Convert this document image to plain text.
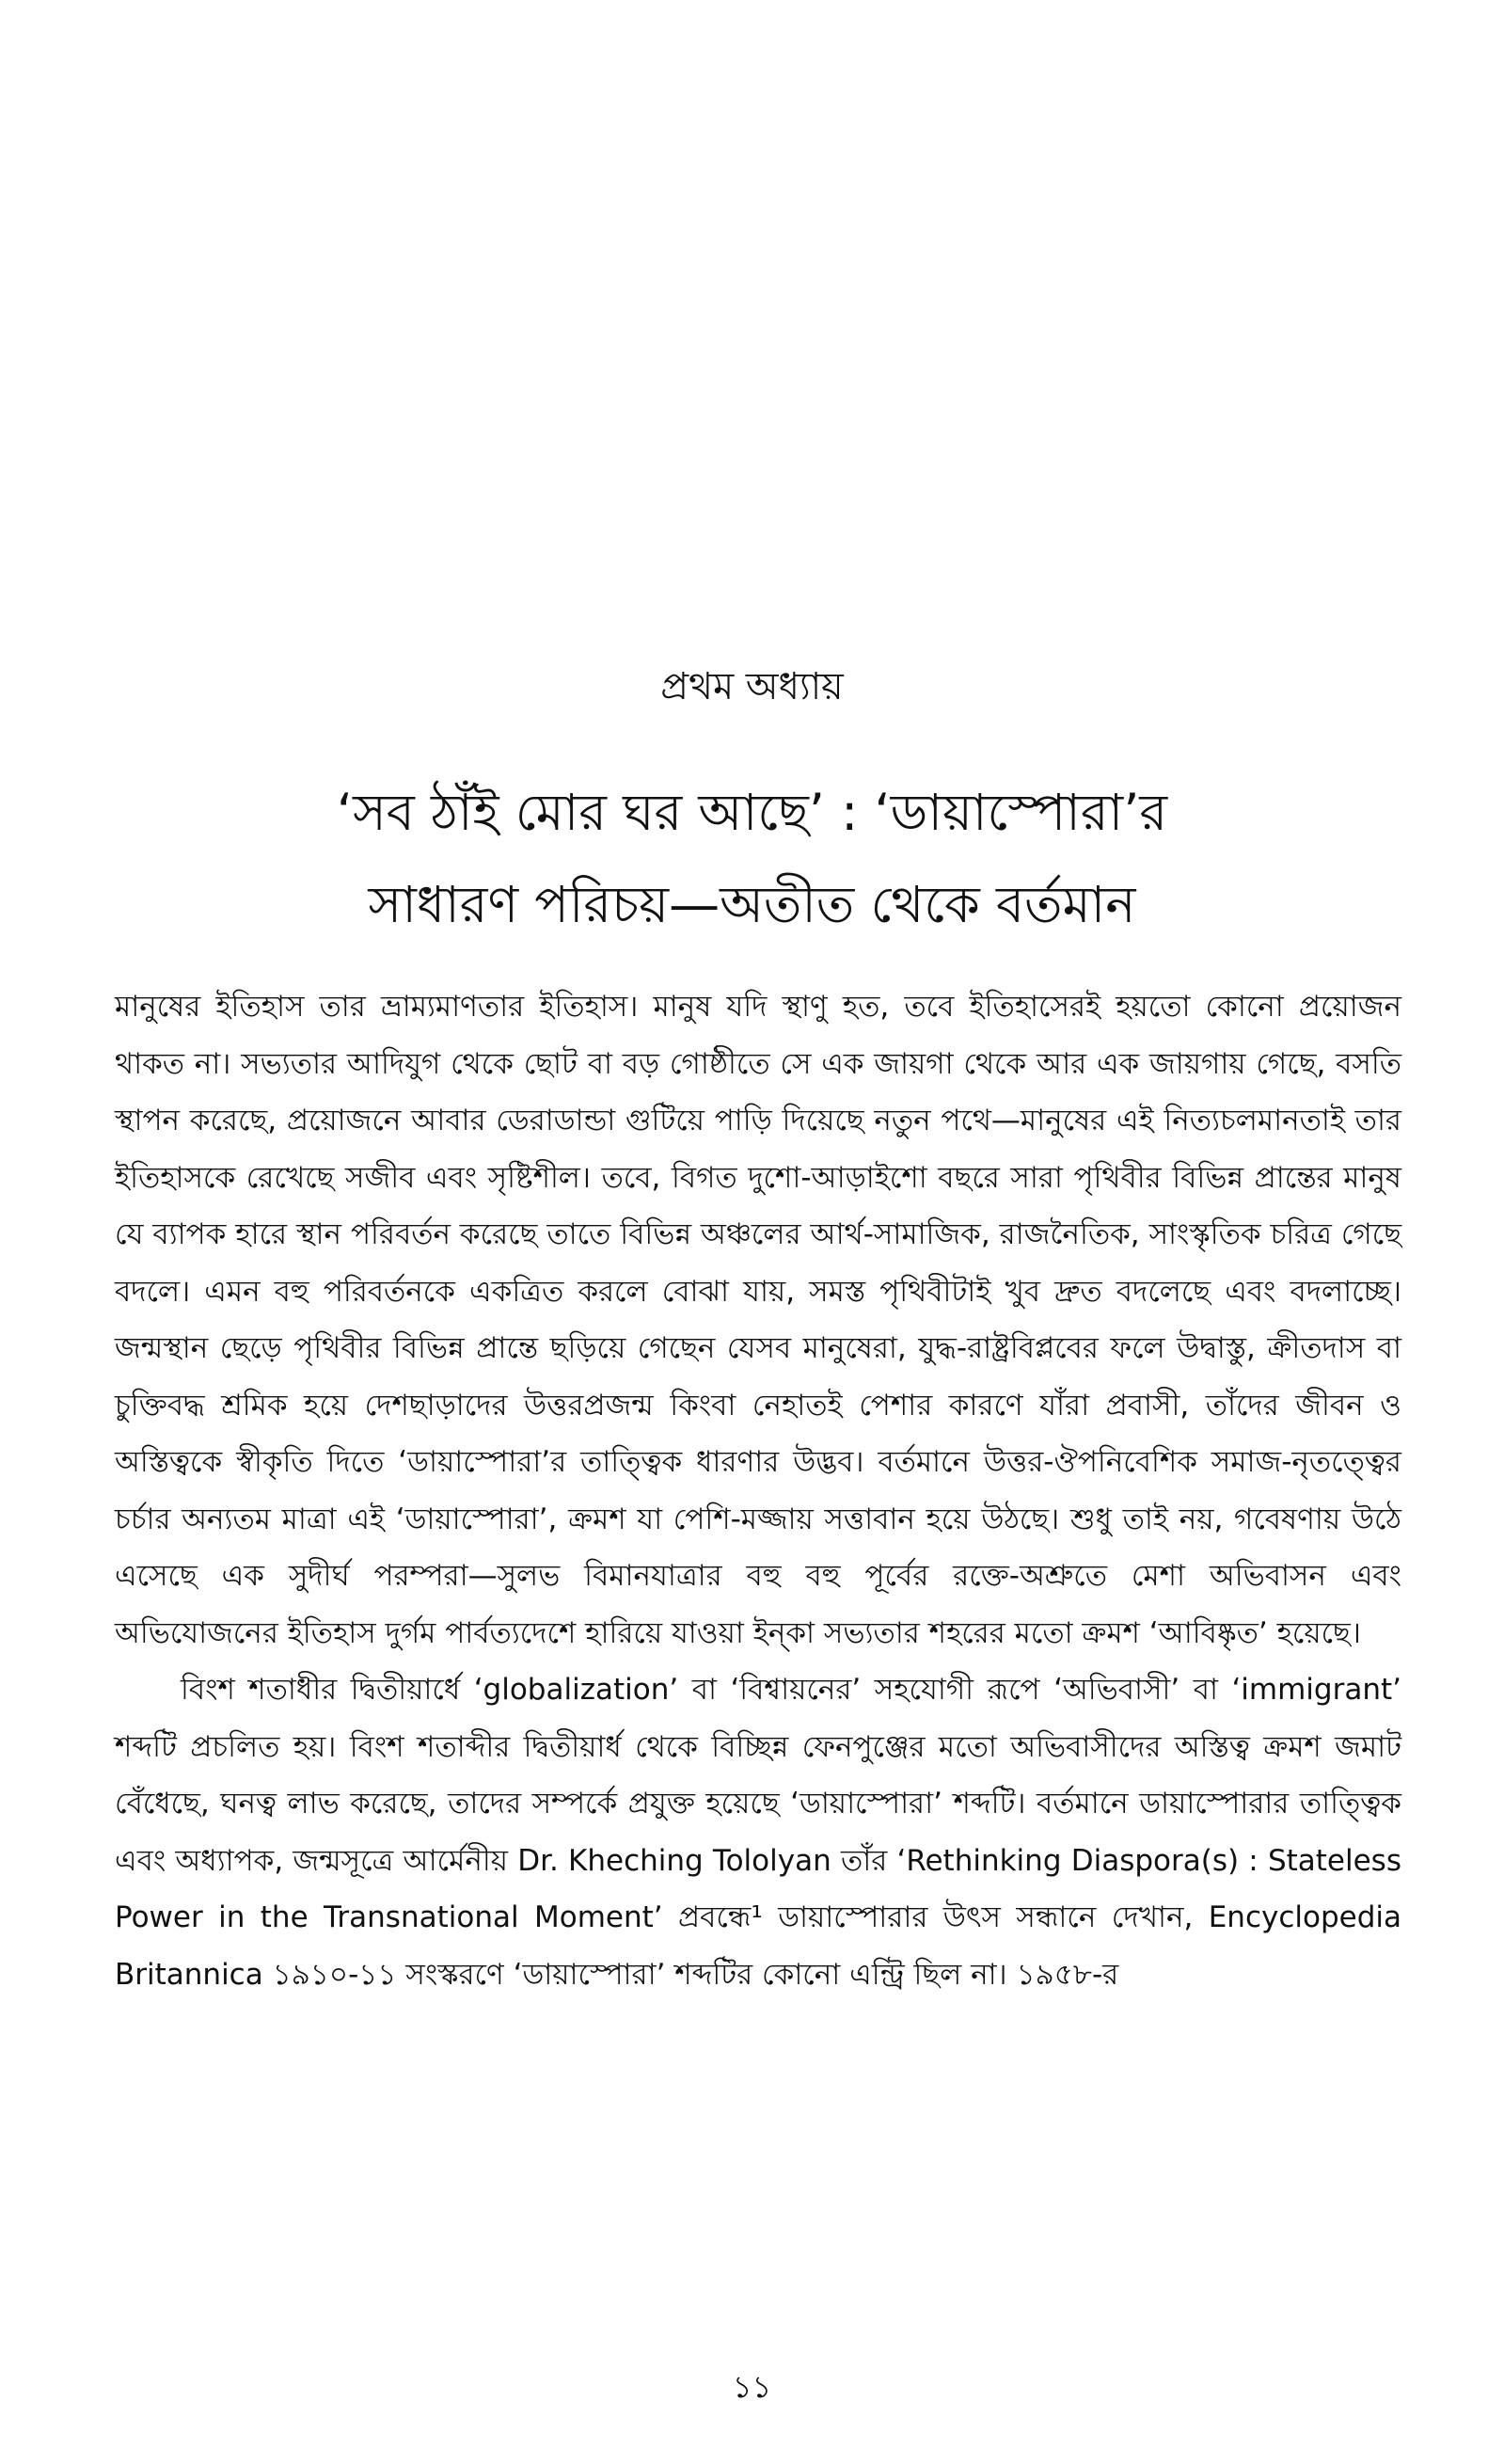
প্রথম অধ্যায়
‘সব ঠাঁই মোর ঘর আছে’ : ‘ডায়াস্পোরা’র
সাধারণ পরিচয়—অতীত থেকে বর্তমান

মানুষের ইতিহাস তার ভ্রাম্যমাণতার ইতিহাস। মানুষ যদি স্থাণু হত, তবে ইতিহাসেরই হয়তো কোনো প্রয়োজন থাকত না। সভ্যতার আদিযুগ থেকে ছোট বা বড় গোষ্ঠীতে সে এক জায়গা থেকে আর এক জায়গায় গেছে, বসতি স্থাপন করেছে, প্রয়োজনে আবার ডেরাডান্ডা গুটিয়ে পাড়ি দিয়েছে নতুন পথে—মানুষের এই নিত্যচলমানতাই তার ইতিহাসকে রেখেছে সজীব এবং সৃষ্টিশীল। তবে, বিগত দুশো-আড়াইশো বছরে সারা পৃথিবীর বিভিন্ন প্রান্তের মানুষ যে ব্যাপক হারে স্থান পরিবর্তন করেছে তাতে বিভিন্ন অঞ্চলের আর্থ-সামাজিক, রাজনৈতিক, সাংস্কৃতিক চরিত্র গেছে বদলে। এমন বহু পরিবর্তনকে একত্রিত করলে বোঝা যায়, সমস্ত পৃথিবীটাই খুব দ্রুত বদলেছে এবং বদলাচ্ছে। জন্মস্থান ছেড়ে পৃথিবীর বিভিন্ন প্রান্তে ছড়িয়ে গেছেন যেসব মানুষেরা, যুদ্ধ-রাষ্ট্রবিপ্লবের ফলে উদ্বাস্তু, ক্রীতদাস বা চুক্তিবদ্ধ শ্রমিক হয়ে দেশছাড়াদের উত্তরপ্রজন্ম কিংবা নেহাতই পেশার কারণে যাঁরা প্রবাসী, তাঁদের জীবন ও অস্তিত্বকে স্বীকৃতি দিতে ‘ডায়াস্পোরা’র তাত্ত্বিক ধারণার উদ্ভব। বর্তমানে উত্তর-ঔপনিবেশিক সমাজ-নৃতত্ত্বের চর্চার অন্যতম মাত্রা এই ‘ডায়াস্পোরা’, ক্রমশ যা পেশি-মজ্জায় সত্তাবান হয়ে উঠছে। শুধু তাই নয়, গবেষণায় উঠে এসেছে এক সুদীর্ঘ পরম্পরা—সুলভ বিমানযাত্রার বহু বহু পূর্বের রক্তে-অশ্রুতে মেশা অভিবাসন এবং অভিযোজনের ইতিহাস দুর্গম পার্বত্যদেশে হারিয়ে যাওয়া ইন্কা সভ্যতার শহরের মতো ক্রমশ ‘আবিষ্কৃত’ হয়েছে।

বিংশ শতাধীর দ্বিতীয়ার্ধে ‘globalization’ বা ‘বিশ্বায়নের’ সহযোগী রূপে ‘অভিবাসী’ বা ‘immigrant’ শব্দটি প্রচলিত হয়। বিংশ শতাব্দীর দ্বিতীয়ার্ধ থেকে বিচ্ছিন্ন ফেনপুঞ্জের মতো অভিবাসীদের অস্তিত্ব ক্রমশ জমাট বেঁধেছে, ঘনত্ব লাভ করেছে, তাদের সম্পর্কে প্রযুক্ত হয়েছে ‘ডায়াস্পোরা’ শব্দটি। বর্তমানে ডায়াস্পোরার তাত্ত্বিক এবং অধ্যাপক, জন্মসূত্রে আর্মেনীয় Dr. Kheching Tololyan তাঁর ‘Rethinking Diaspora(s) : Stateless Power in the Transnational Moment’ প্রবন্ধে¹ ডায়াস্পোরার উৎস সন্ধানে দেখান, Encyclopedia Britannica ১৯১০-১১ সংস্করণে ‘ডায়াস্পোরা’ শব্দটির কোনো এন্ট্রি ছিল না। ১৯৫৮-র

১১
